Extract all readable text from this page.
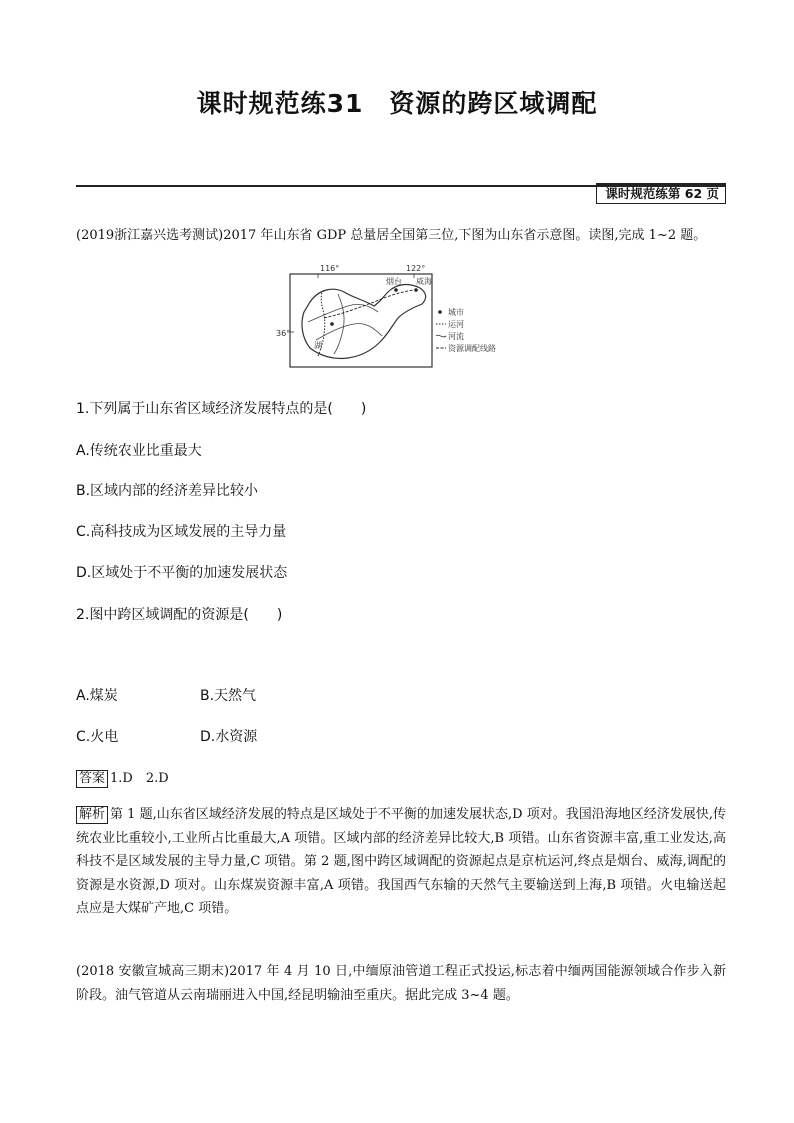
课时规范练31　资源的跨区域调配
课时规范练第 62 页
(2019浙江嘉兴选考测试)2017 年山东省 GDP 总量居全国第三位,下图为山东省示意图。读图,完成 1~2 题。
116°	122°
36°
烟台 威海
湖
城市
运河
河流
资源调配线路
1.下列属于山东省区域经济发展特点的是(　　)
A.传统农业比重最大
B.区域内部的经济差异比较小
C.高科技成为区域发展的主导力量
D.区域处于不平衡的加速发展状态
2.图中跨区域调配的资源是(　　)
A.煤炭	B.天然气
C.火电	D.水资源
答案 1.D　2.D
解析 第 1 题,山东省区域经济发展的特点是区域处于不平衡的加速发展状态,D 项对。我国沿海地区经济发展快,传统农业比重较小,工业所占比重最大,A 项错。区域内部的经济差异比较大,B 项错。山东省资源丰富,重工业发达,高科技不是区域发展的主导力量,C 项错。第 2 题,图中跨区域调配的资源起点是京杭运河,终点是烟台、威海,调配的资源是水资源,D 项对。山东煤炭资源丰富,A 项错。我国西气东输的天然气主要输送到上海,B 项错。火电输送起点应是大煤矿产地,C 项错。
(2018 安徽宣城高三期末)2017 年 4 月 10 日,中缅原油管道工程正式投运,标志着中缅两国能源领域合作步入新阶段。油气管道从云南瑞丽进入中国,经昆明输油至重庆。据此完成 3~4 题。
